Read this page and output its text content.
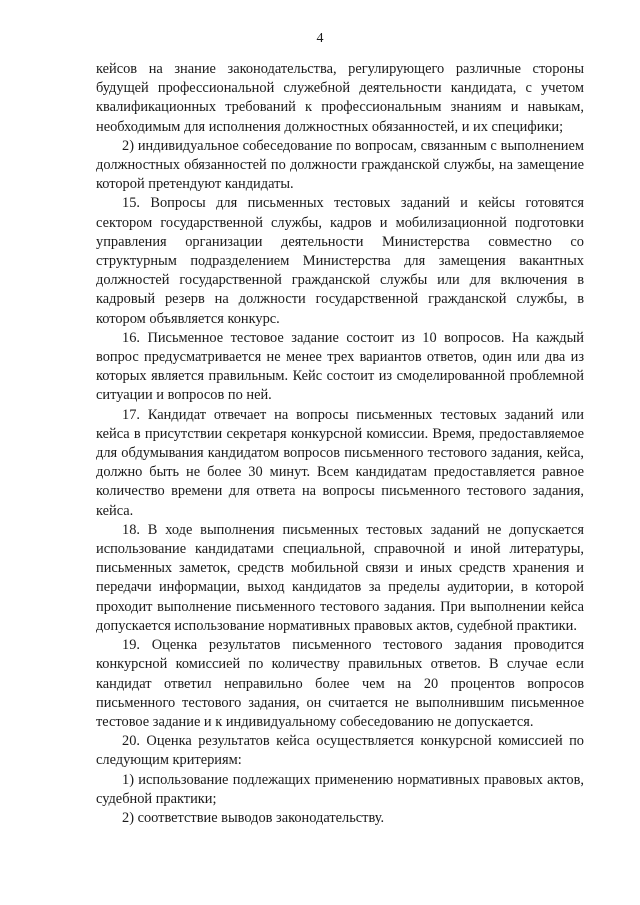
4

кейсов на знание законодательства, регулирующего различные стороны будущей профессиональной служебной деятельности кандидата, с учетом квалификационных требований к профессиональным знаниям и навыкам, необходимым для исполнения должностных обязанностей, и их специфики;

2) индивидуальное собеседование по вопросам, связанным с выполнением должностных обязанностей по должности гражданской службы, на замещение которой претендуют кандидаты.

15. Вопросы для письменных тестовых заданий и кейсы готовятся сектором государственной службы, кадров и мобилизационной подготовки управления организации деятельности Министерства совместно со структурным подразделением Министерства для замещения вакантных должностей государственной гражданской службы или для включения в кадровый резерв на должности государственной гражданской службы, в котором объявляется конкурс.

16. Письменное тестовое задание состоит из 10 вопросов. На каждый вопрос предусматривается не менее трех вариантов ответов, один или два из которых является правильным. Кейс состоит из смоделированной проблемной ситуации и вопросов по ней.

17. Кандидат отвечает на вопросы письменных тестовых заданий или кейса в присутствии секретаря конкурсной комиссии. Время, предоставляемое для обдумывания кандидатом вопросов письменного тестового задания, кейса, должно быть не более 30 минут. Всем кандидатам предоставляется равное количество времени для ответа на вопросы письменного тестового задания, кейса.

18. В ходе выполнения письменных тестовых заданий не допускается использование кандидатами специальной, справочной и иной литературы, письменных заметок, средств мобильной связи и иных средств хранения и передачи информации, выход кандидатов за пределы аудитории, в которой проходит выполнение письменного тестового задания. При выполнении кейса допускается использование нормативных правовых актов, судебной практики.

19. Оценка результатов письменного тестового задания проводится конкурсной комиссией по количеству правильных ответов. В случае если кандидат ответил неправильно более чем на 20 процентов вопросов письменного тестового задания, он считается не выполнившим письменное тестовое задание и к индивидуальному собеседованию не допускается.

20. Оценка результатов кейса осуществляется конкурсной комиссией по следующим критериям:

1) использование подлежащих применению нормативных правовых актов, судебной практики;

2) соответствие выводов законодательству.
